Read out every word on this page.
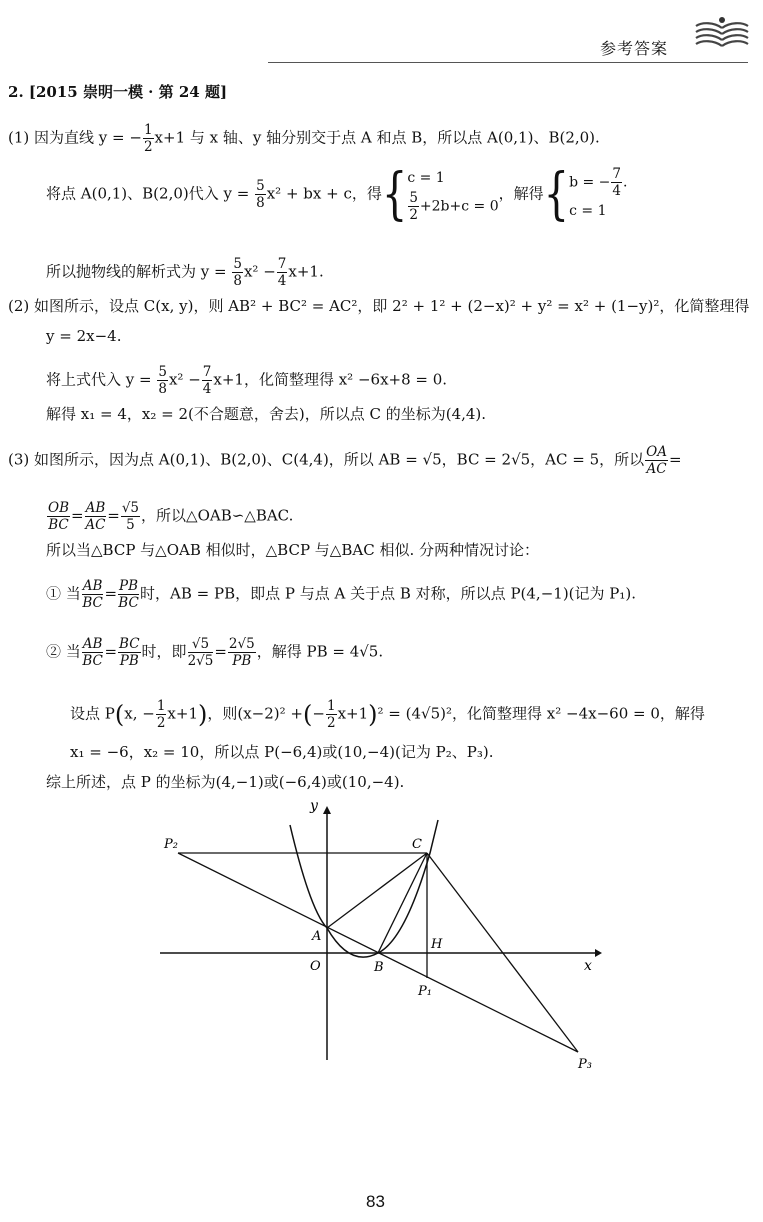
参考答案
2. [2015 崇明一模 · 第 24 题]
(1) 因为直线 y = − $\frac{1}{2} x+1$ 与 x 轴、y 轴分别交于点 A 和点 B，所以点 A(0,1)、B(2,0).
将点 A(0,1)、B(2,0)代入 $y = \frac{5}{8} x^2$ + bx + c，得{ c = 1
$\frac{5}{2} +2b+c = 0$
，解得{ b = − $\frac{7}{4}$ .
c = 1
所以抛物线的解析式为 $y = \frac{5}{8} x^2 - \frac{7}{4} x+1$.
(2) 如图所示，设点 C(x, y)，则 AB² + BC² = AC²，即 2² + 1² + (2−x)² + y² = x² + (1−y)²，化简整理得
y = 2x−4.
将上式代入 $y = \frac{5}{8} x^2 - \frac{7}{4} x+1$，化简整理得 x² −6x+8 = 0.
解得 x₁ = 4，x₂ = 2(不合题意，舍去)，所以点 C 的坐标为(4,4).
(3) 如图所示，因为点 A(0,1)、B(2,0)、C(4,4)，所以 AB = √5，BC = 2√5，AC = 5，所以 $\frac{OA}{AC}$ =
$\frac{OB}{BC} = \frac{AB}{AC} = \frac{√5}{5}$ ，所以△OAB∽△BAC.
所以当△BCP 与△OAB 相似时，△BCP 与△BAC 相似. 分两种情况讨论：
① 当 $\frac{AB}{BC} = \frac{PB}{BC}$ 时，AB = PB，即点 P 与点 A 关于点 B 对称，所以点 P(4,−1)(记为 P₁).
② 当 $\frac{AB}{BC} = \frac{BC}{PB}$ 时，即 $\frac{√5}{2√5} = \frac{2√5}{PB}$ ，解得 PB = 4√5.
设点 P(x, − $\frac{1}{2} x+1$)，则(x−2)² +(− $\frac{1}{2} x+1)^2 = (4√5)^2$，化简整理得 x² −4x−60 = 0，解得
x₁ = −6，x₂ = 10，所以点 P(−6,4)或(10,−4)(记为 P₂、P₃).
综上所述，点 P 的坐标为(4,−1)或(−6,4)或(10,−4).
y
x
O
A
B
C
H
P₁
P₂
P₃
83
